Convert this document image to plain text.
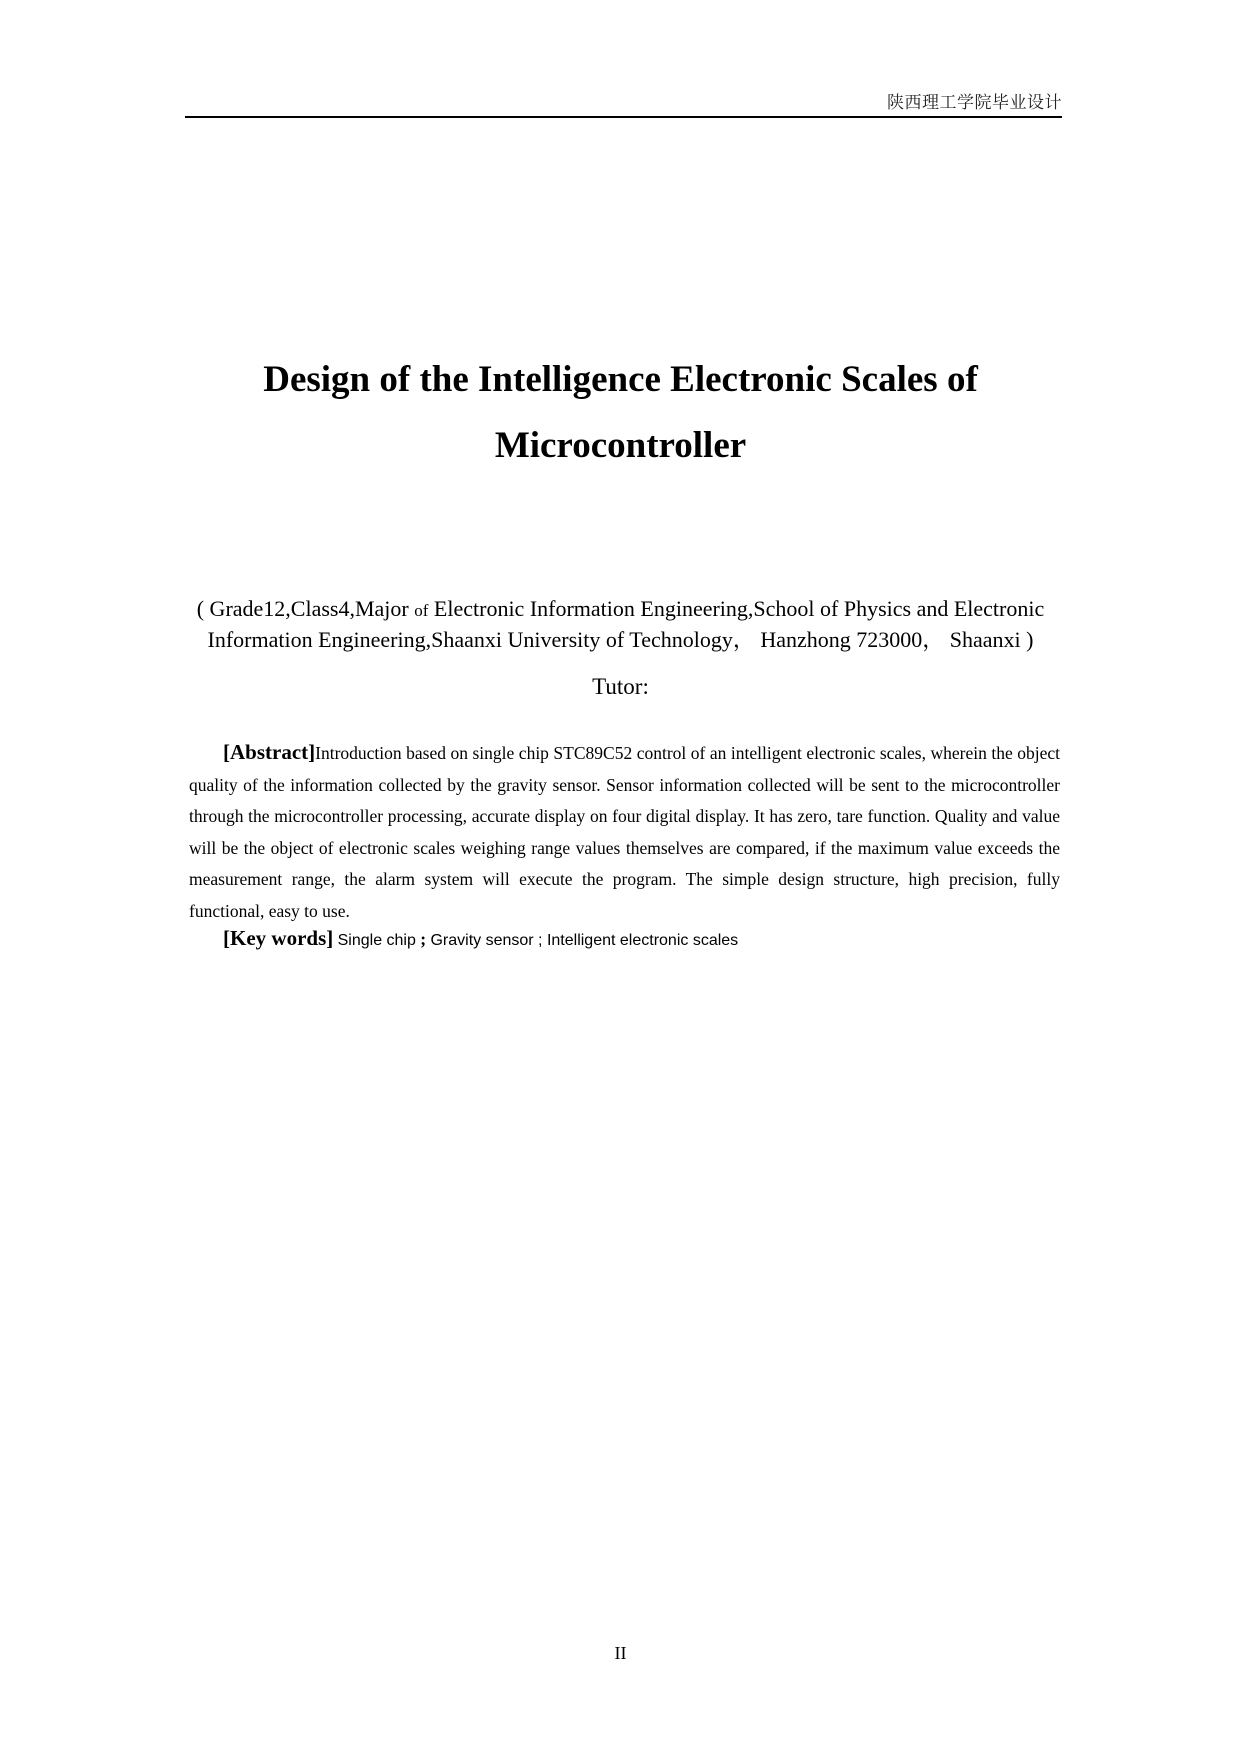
陕西理工学院毕业设计
Design of the Intelligence Electronic Scales of
Microcontroller
( Grade12,Class4,Major of Electronic Information Engineering,School of Physics and Electronic
Information Engineering,Shaanxi University of Technology， Hanzhong 723000， Shaanxi )
Tutor:

[Abstract]Introduction based on single chip STC89C52 control of an intelligent electronic scales, wherein the object quality of the information collected by the gravity sensor. Sensor information collected will be sent to the microcontroller through the microcontroller processing, accurate display on four digital display. It has zero, tare function. Quality and value will be the object of electronic scales weighing range values themselves are compared, if the maximum value exceeds the measurement range, the alarm system will execute the program. The simple design structure, high precision, fully functional, easy to use.

[Key words] Single chip ; Gravity sensor ; Intelligent electronic scales
II
